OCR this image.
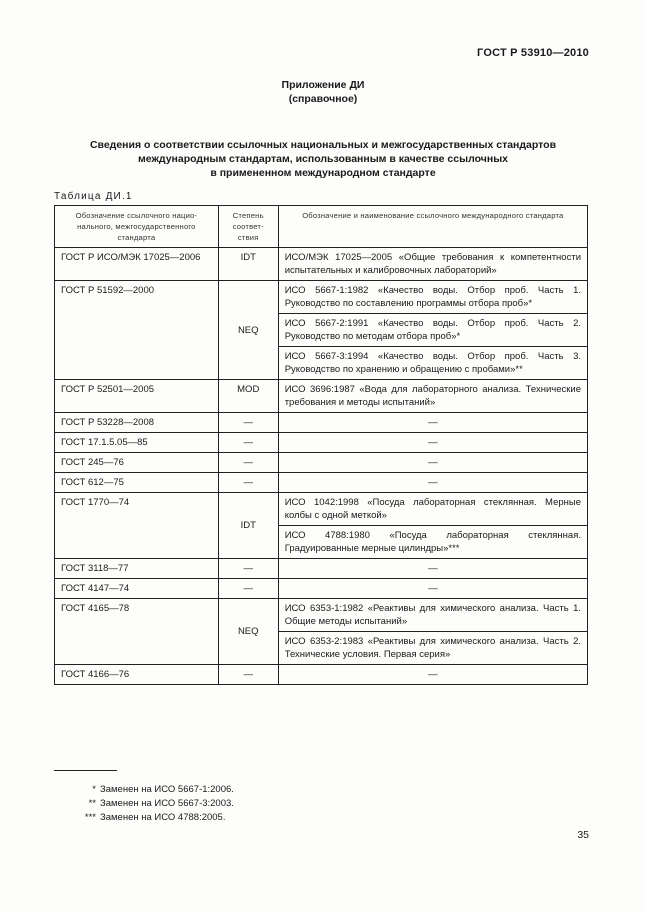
ГОСТ Р 53910—2010
Приложение ДИ
(справочное)
Сведения о соответствии ссылочных национальных и межгосударственных стандартов
международным стандартам, использованным в качестве ссылочных
в примененном международном стандарте
Таблица ДИ.1
Обозначение ссылочного нацио-нального, межгосударственного стандарта	Степень соответ-ствия	Обозначение и наименование ссылочного международного стандарта
ГОСТ Р ИСО/МЭК 17025—2006	IDT	ИСО/МЭК 17025—2005 «Общие требования к компетентности испытательных и калибровочных лабораторий»
ГОСТ Р 51592—2000	NEQ	ИСО 5667-1:1982 «Качество воды. Отбор проб. Часть 1. Руководство по составлению программы отбора проб»*
		ИСО 5667-2:1991 «Качество воды. Отбор проб. Часть 2. Руководство по методам отбора проб»*
		ИСО 5667-3:1994 «Качество воды. Отбор проб. Часть 3. Руководство по хранению и обращению с пробами»**
ГОСТ Р 52501—2005	MOD	ИСО 3696:1987 «Вода для лабораторного анализа. Технические требования и методы испытаний»
ГОСТ Р 53228—2008	—	—
ГОСТ 17.1.5.05—85	—	—
ГОСТ 245—76	—	—
ГОСТ 612—75	—	—
ГОСТ 1770—74	IDT	ИСО 1042:1998 «Посуда лабораторная стеклянная. Мерные колбы с одной меткой»
		ИСО 4788:1980 «Посуда лабораторная стеклянная. Градуированные мерные цилиндры»***
ГОСТ 3118—77	—	—
ГОСТ 4147—74	—	—
ГОСТ 4165—78	NEQ	ИСО 6353-1:1982 «Реактивы для химического анализа. Часть 1. Общие методы испытаний»
		ИСО 6353-2:1983 «Реактивы для химического анализа. Часть 2. Технические условия. Первая серия»
ГОСТ 4166—76	—	—
* Заменен на ИСО 5667-1:2006.
** Заменен на ИСО 5667-3:2003.
*** Заменен на ИСО 4788:2005.
35
